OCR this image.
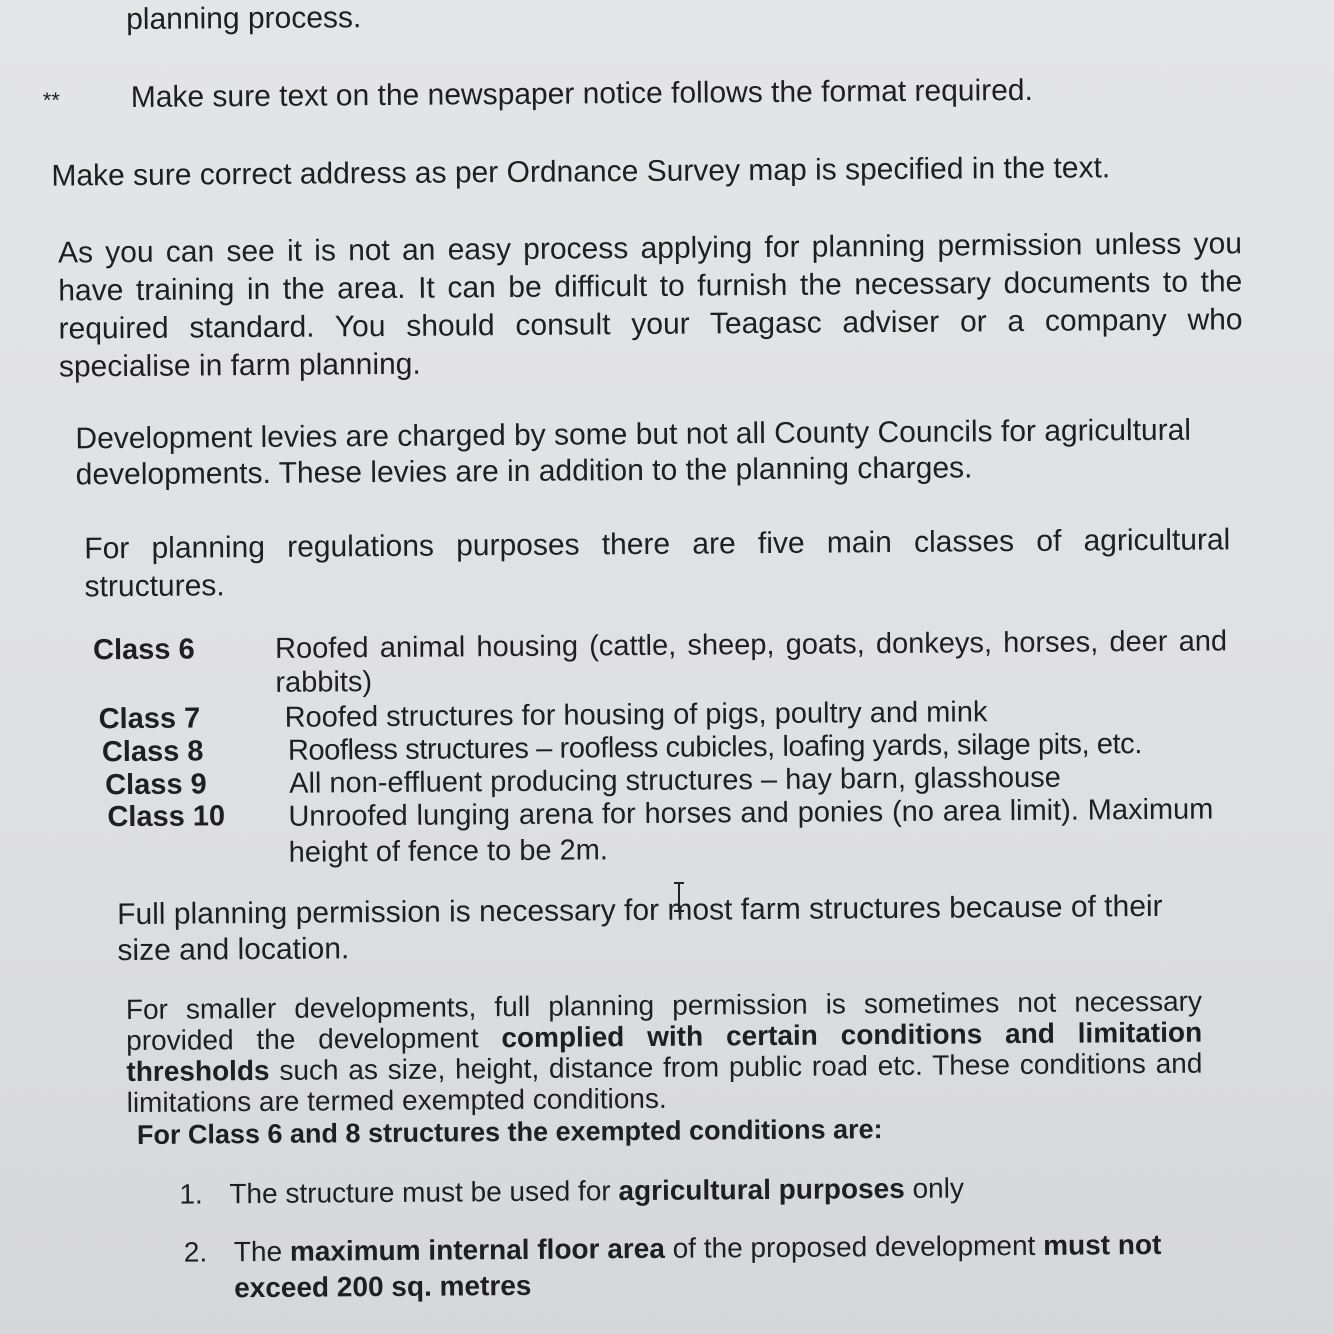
planning process.

** Make sure text on the newspaper notice follows the format required.

Make sure correct address as per Ordnance Survey map is specified in the text.

As you can see it is not an easy process applying for planning permission unless you have training in the area. It can be difficult to furnish the necessary documents to the required standard. You should consult your Teagasc adviser or a company who specialise in farm planning.

Development levies are charged by some but not all County Councils for agricultural developments. These levies are in addition to the planning charges.

For planning regulations purposes there are five main classes of agricultural structures.

Class 6	Roofed animal housing (cattle, sheep, goats, donkeys, horses, deer and rabbits)
Class 7	Roofed structures for housing of pigs, poultry and mink
Class 8	Roofless structures – roofless cubicles, loafing yards, silage pits, etc.
Class 9	All non-effluent producing structures – hay barn, glasshouse
Class 10	Unroofed lunging arena for horses and ponies (no area limit). Maximum height of fence to be 2m.

Full planning permission is necessary for most farm structures because of their size and location.

For smaller developments, full planning permission is sometimes not necessary provided the development complied with certain conditions and limitation thresholds such as size, height, distance from public road etc. These conditions and limitations are termed exempted conditions.

For Class 6 and 8 structures the exempted conditions are:

1. The structure must be used for agricultural purposes only
2. The maximum internal floor area of the proposed development must not exceed 200 sq. metres
